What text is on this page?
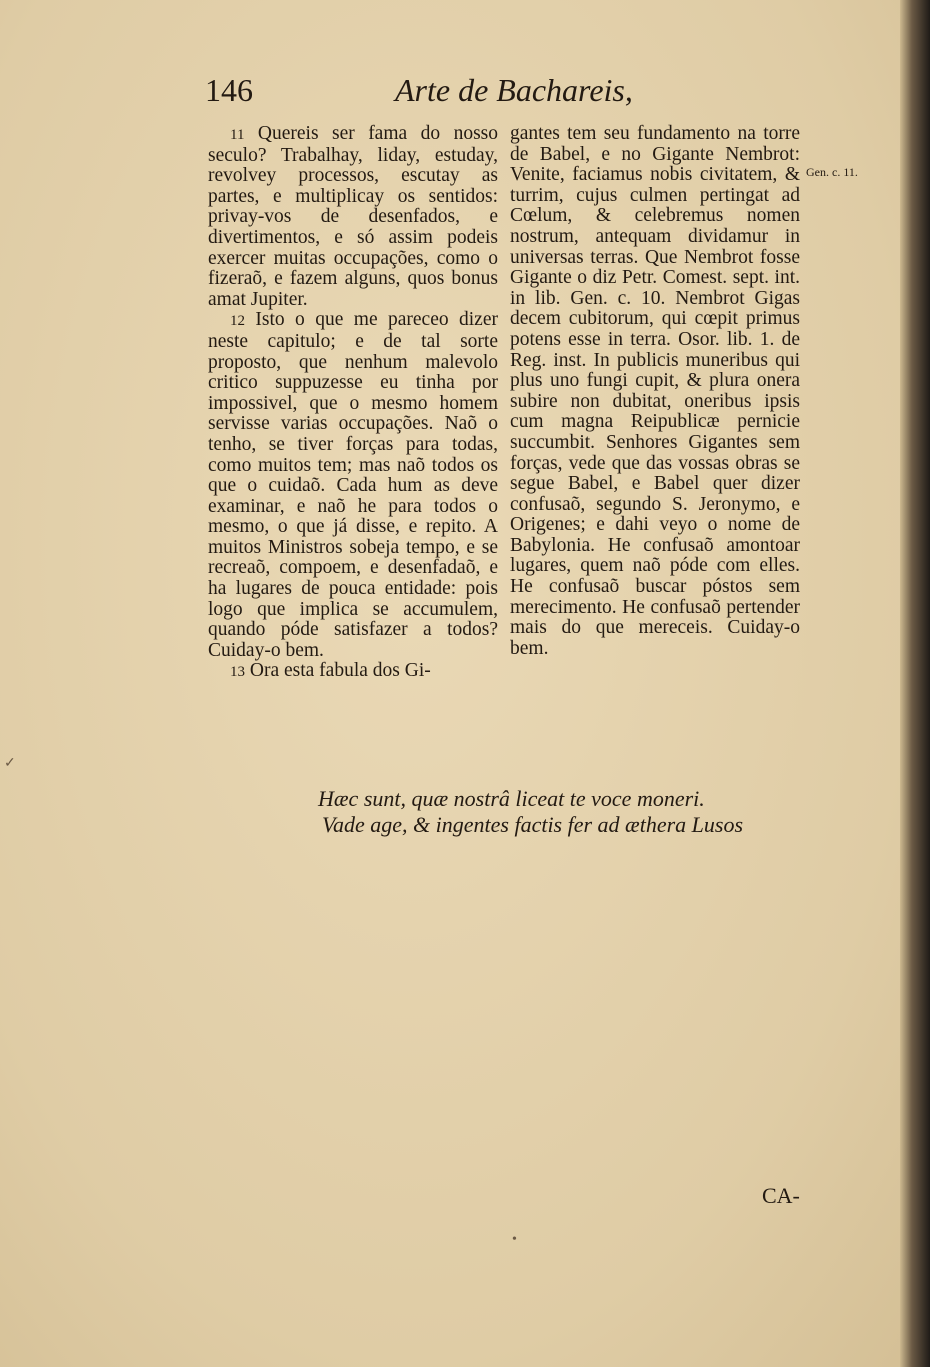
146	Arte de Bachareis,

11 Quereis ser fama do nosso seculo? Trabalhay, liday, estuday, revolvey processos, escutay as partes, e multiplicay os sentidos: privay-vos de desenfados, e divertimentos, e só assim podeis exercer muitas occupações, como o fizeraõ, e fazem alguns, quos bonus amat Jupiter.

12 Isto o que me pareceo dizer neste capitulo; e de tal sorte proposto, que nenhum malevolo critico suppuzesse eu tinha por impossivel, que o mesmo homem servisse varias occupações. Naõ o tenho, se tiver forças para todas, como muitos tem; mas naõ todos os que o cuidaõ. Cada hum as deve examinar, e naõ he para todos o mesmo, o que já disse, e repito. A muitos Ministros sobeja tempo, e se recreaõ, compoem, e desenfadaõ, e ha lugares de pouca entidade: pois logo que implica se accumulem, quando póde satisfazer a todos? Cuiday-o bem.

13 Ora esta fabula dos Gi-

gantes tem seu fundamento na torre de Babel, e no Gigante Nembrot: Venite, faciamus nobis civitatem, & turrim, cujus culmen pertingat ad Cœlum, & celebremus nomen nostrum, antequam dividamur in universas terras. Que Nembrot fosse Gigante o diz Petr. Comest. sept. int. in lib. Gen. c. 10. Nembrot Gigas decem cubitorum, qui cœpit primus potens esse in terra. Osor. lib. 1. de Reg. inst. In publicis muneribus qui plus uno fungi cupit, & plura onera subire non dubitat, oneribus ipsis cum magna Reipublicæ pernicie succumbit. Senhores Gigantes sem forças, vede que das vossas obras se segue Babel, e Babel quer dizer confusaõ, segundo S. Jeronymo, e Origenes; e dahi veyo o nome de Babylonia. He confusaõ amontoar lugares, quem naõ póde com elles. He confusaõ buscar póstos sem merecimento. He confusaõ pertender mais do que mereceis. Cuiday-o bem.

Gen. c. 11.
Hæc sunt, quæ nostrâ liceat te voce moneri.
Vade age, & ingentes factis fer ad æthera Lusos
CA-
✓
•
